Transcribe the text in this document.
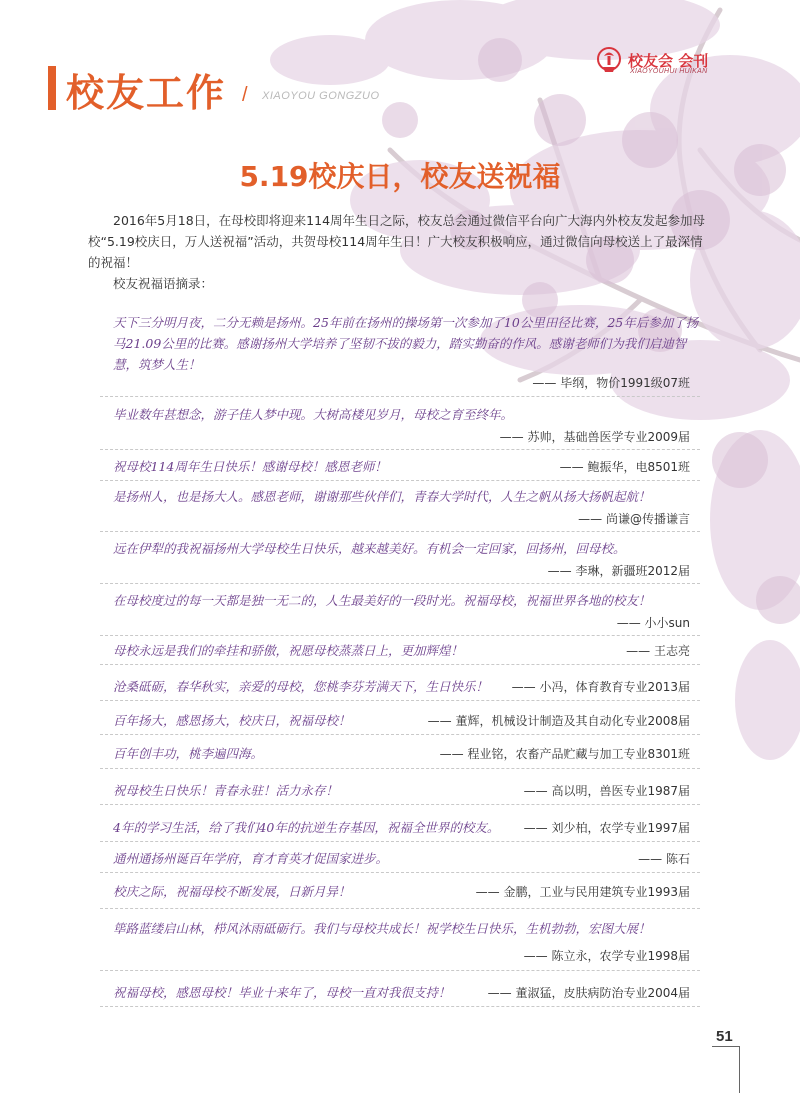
校友工作 / XIAOYOU GONGZUO
校友会 会刊
XIAOYOUHUI HUIKAN
5.19校庆日，校友送祝福

2016年5月18日，在母校即将迎来114周年生日之际，校友总会通过微信平台向广大海内外校友发起参加母校“5.19校庆日，万人送祝福”活动，共贺母校114周年生日！广大校友积极响应，通过微信向母校送上了最深情的祝福！

校友祝福语摘录：
天下三分明月夜，二分无赖是扬州。25年前在扬州的操场第一次参加了10公里田径比赛，25年后参加了扬马21.09公里的比赛。感谢扬州大学培养了坚韧不拔的毅力，踏实勤奋的作风。感谢老师们为我们启迪智慧，筑梦人生！
—— 毕纲，物价1991级07班
毕业数年甚想念，游子佳人梦中现。大树高楼见岁月，母校之育至终年。
—— 苏帅，基础兽医学专业2009届
祝母校114周年生日快乐！感谢母校！感恩老师！	—— 鲍振华，电8501班
是扬州人，也是扬大人。感恩老师，谢谢那些伙伴们，青春大学时代，人生之帆从扬大扬帆起航！
—— 尚谦@传播谦言
远在伊犁的我祝福扬州大学母校生日快乐，越来越美好。有机会一定回家，回扬州，回母校。
—— 李琳，新疆班2012届
在母校度过的每一天都是独一无二的，人生最美好的一段时光。祝福母校，祝福世界各地的校友！
—— 小小sun
母校永远是我们的牵挂和骄傲，祝愿母校蒸蒸日上，更加辉煌！	—— 王志亮
沧桑砥砺，春华秋实，亲爱的母校，您桃李芬芳满天下，生日快乐！	—— 小冯，体育教育专业2013届
百年扬大，感恩扬大，校庆日，祝福母校！	—— 董辉，机械设计制造及其自动化专业2008届
百年创丰功，桃李遍四海。	—— 程业铭，农畜产品贮藏与加工专业8301班
祝母校生日快乐！青春永驻！活力永存！	—— 高以明，兽医专业1987届
4年的学习生活，给了我们40年的抗逆生存基因，祝福全世界的校友。	—— 刘少柏，农学专业1997届
通州通扬州诞百年学府，育才育英才促国家进步。	—— 陈石
校庆之际，祝福母校不断发展，日新月异！	—— 金鹏，工业与民用建筑专业1993届
筚路蓝缕启山林，栉风沐雨砥砺行。我们与母校共成长！祝学校生日快乐，生机勃勃，宏图大展！
—— 陈立永，农学专业1998届
祝福母校，感恩母校！毕业十来年了，母校一直对我很支持！	—— 董淑猛，皮肤病防治专业2004届
51
